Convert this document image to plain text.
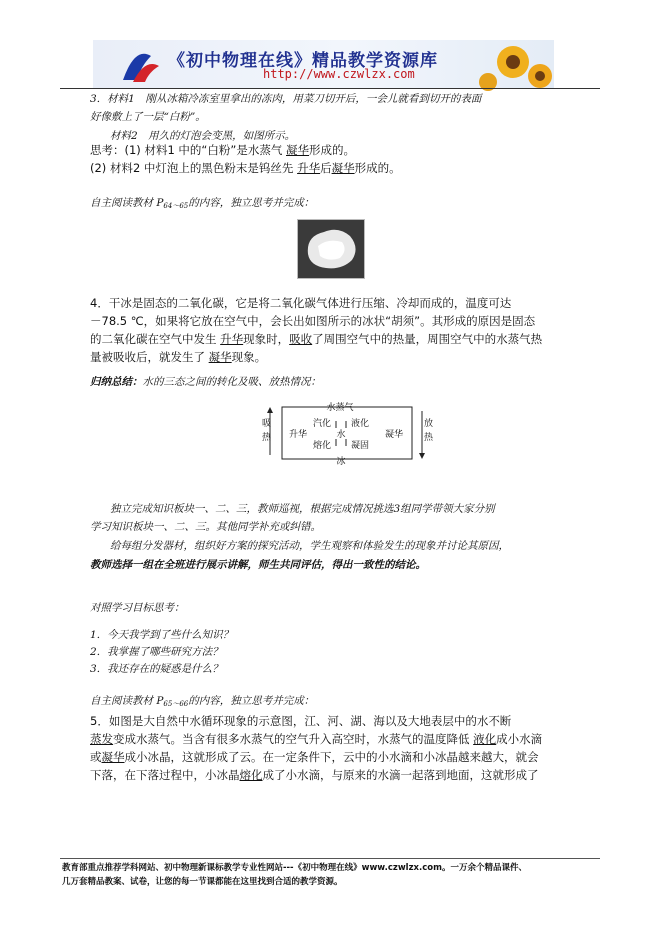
《初中物理在线》精品教学资源库
http://www.czwlzx.com
3．材料1　刚从冰箱冷冻室里拿出的冻肉，用菜刀切开后，一会儿就看到切开的表面
好像敷上了一层“白粉”。
材料2　用久的灯泡会变黑，如图所示。
思考：(1) 材料1 中的“白粉”是水蒸气 凝华形成的。
(2) 材料2 中灯泡上的黑色粉末是钨丝先 升华后凝华形成的。
自主阅读教材 $P_{64\sim 65}$的内容，独立思考并完成：
4．干冰是固态的二氧化碳，它是将二氧化碳气体进行压缩、冷却而成的，温度可达
－78.5 ℃，如果将它放在空气中，会长出如图所示的冰状“胡须”。其形成的原因是固态
的二氧化碳在空气中发生 升华现象时，吸收了周围空气中的热量，周围空气中的水蒸气热
量被吸收后，就发生了 凝华现象。
归纳总结：水的三态之间的转化及吸、放热情况：
水蒸气
汽化 液化
水
熔化 凝固
冰
升华	凝华
吸
热
放
热
独立完成知识板块一、二、三，教师巡视，根据完成情况挑选3组同学带领大家分别
学习知识板块一、二、三。其他同学补充或纠错。
给每组分发器材，组织好方案的探究活动，学生观察和体验发生的现象并讨论其原因，
教师选择一组在全班进行展示讲解，师生共同评估，得出一致性的结论。
对照学习目标思考：
1．今天我学到了些什么知识？
2．我掌握了哪些研究方法？
3．我还存在的疑惑是什么？
自主阅读教材 $P_{65\sim 66}$的内容，独立思考并完成：
5．如图是大自然中水循环现象的示意图，江、河、湖、海以及大地表层中的水不断
蒸发变成水蒸气。当含有很多水蒸气的空气升入高空时，水蒸气的温度降低 液化成小水滴
或凝华成小冰晶，这就形成了云。在一定条件下，云中的小水滴和小冰晶越来越大，就会
下落，在下落过程中，小冰晶熔化成了小水滴，与原来的水滴一起落到地面，这就形成了
教育部重点推荐学科网站、初中物理新课标教学专业性网站---《初中物理在线》www.czwlzx.com。一万余个精品课件、
几万套精品教案、试卷，让您的每一节课都能在这里找到合适的教学资源。
